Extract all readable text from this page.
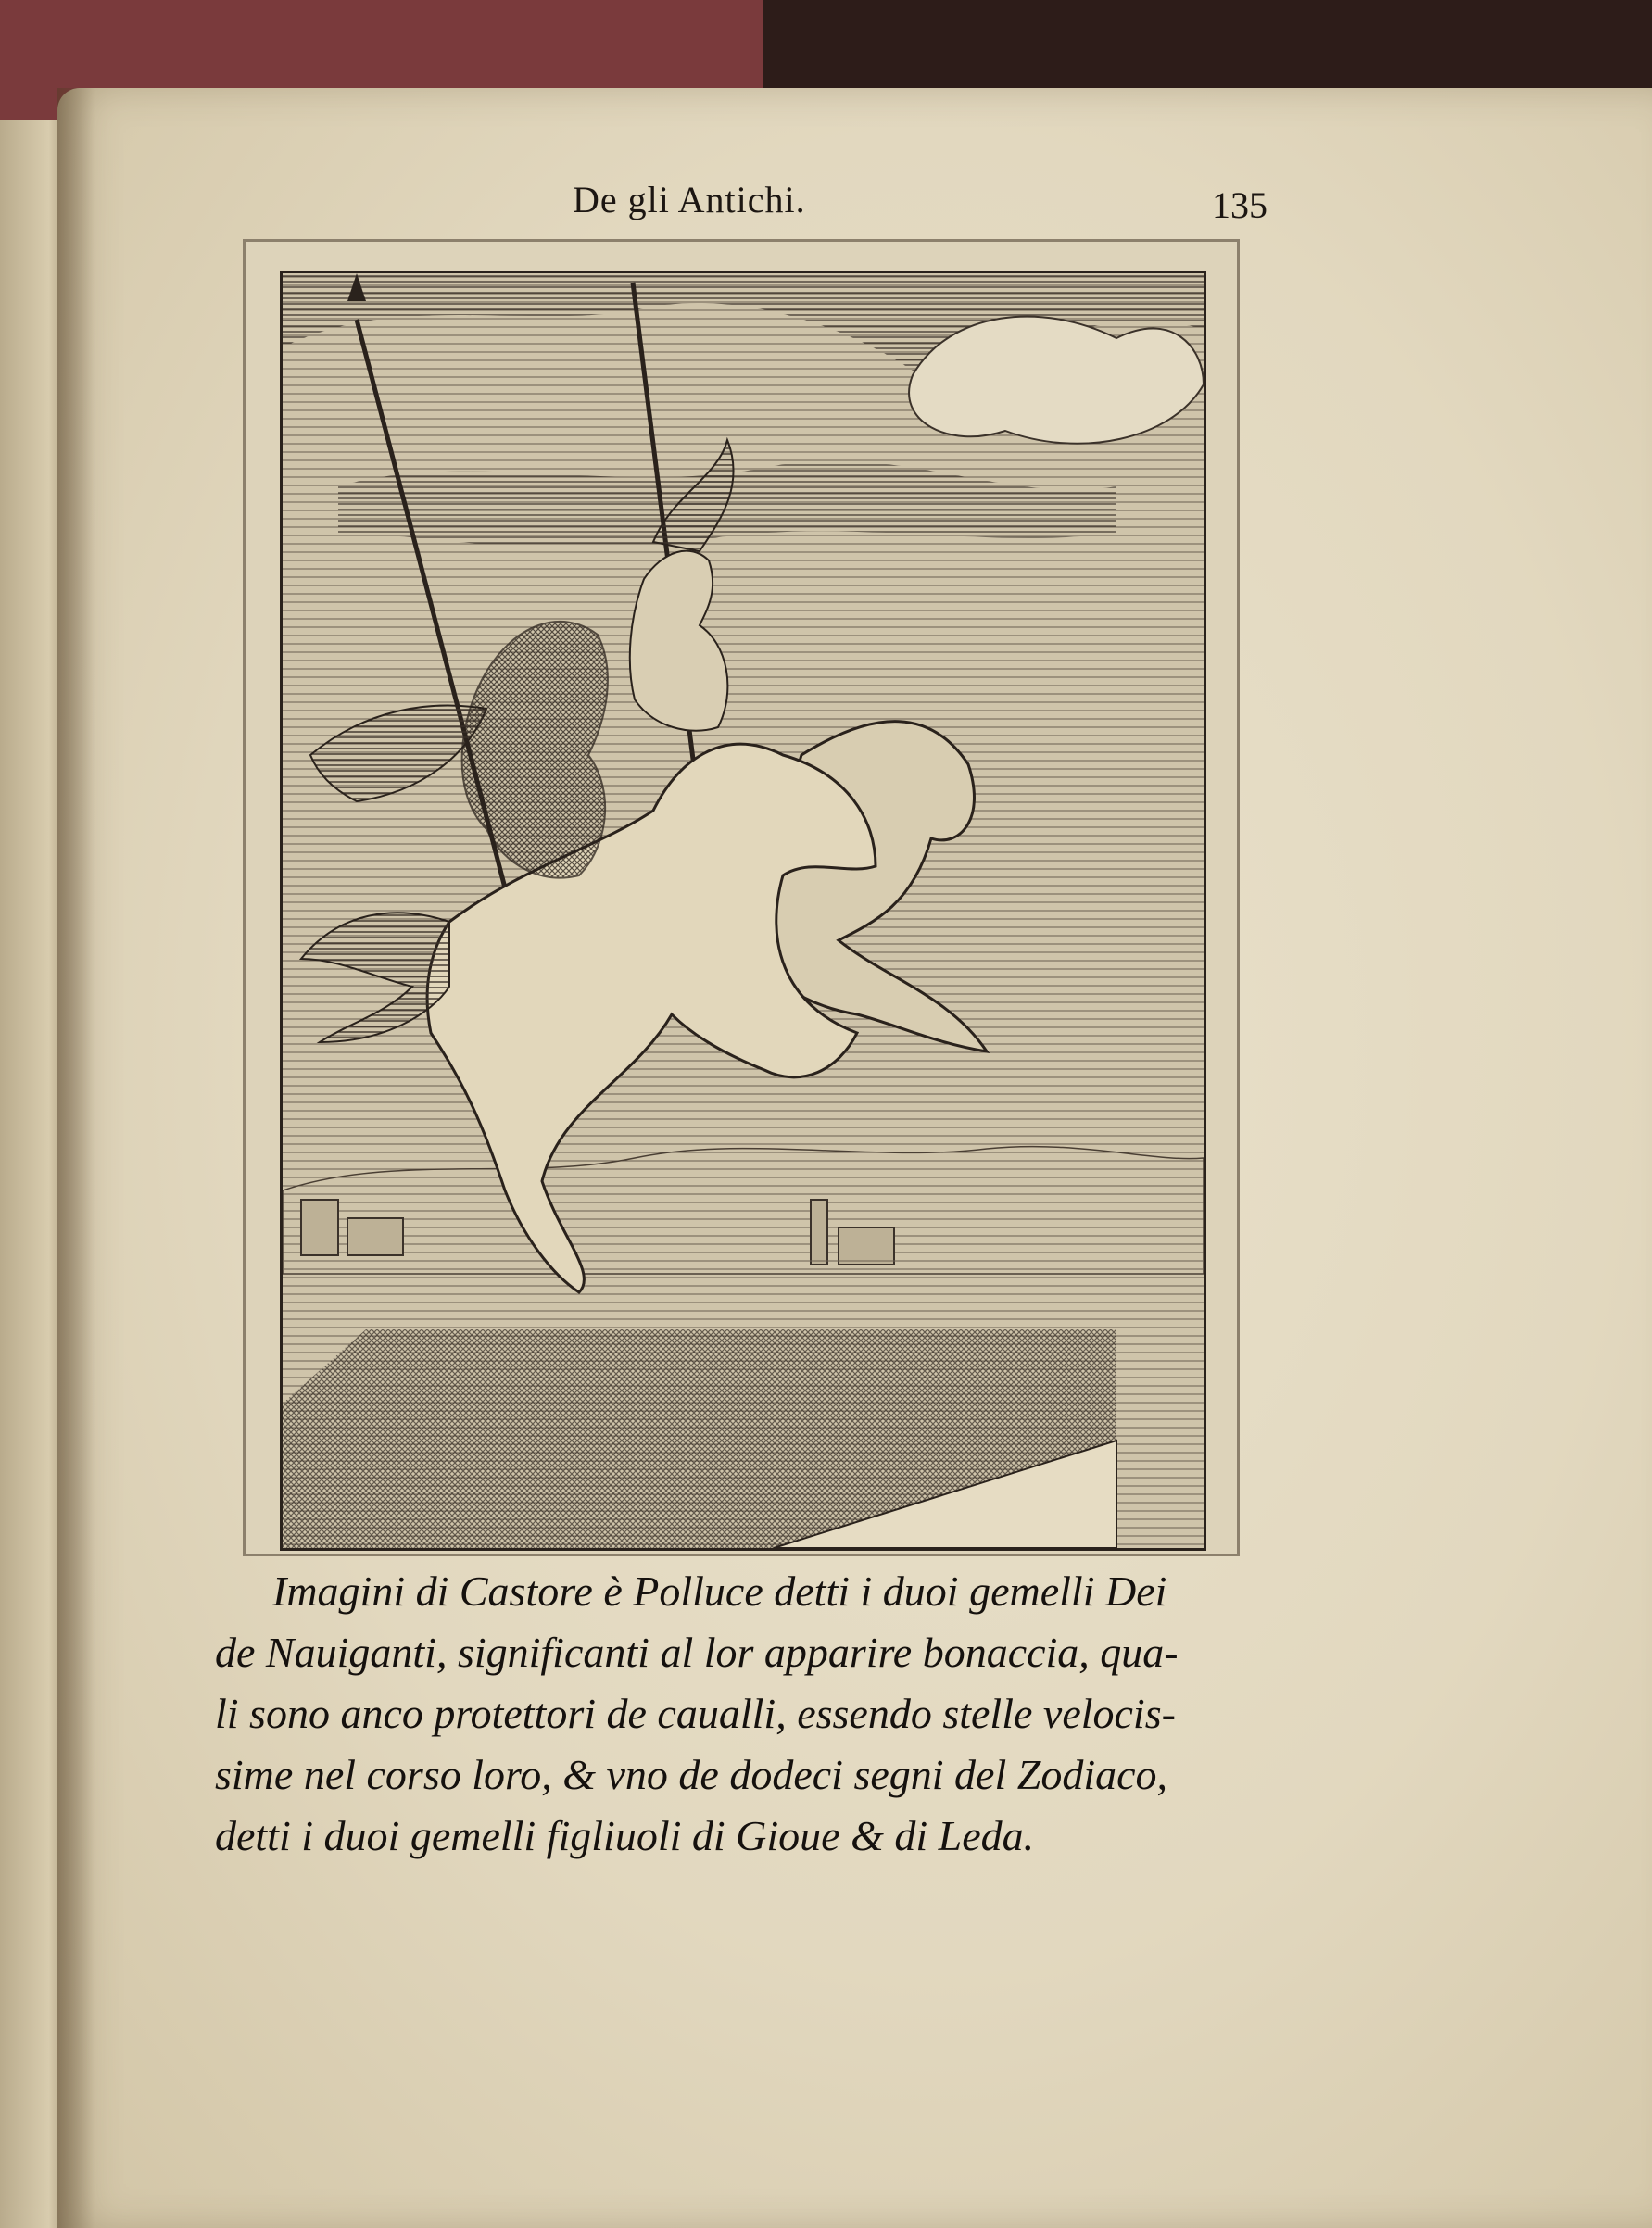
De gli Antichi.	135
Imagini di Castore è Polluce detti i duoi gemelli Dei
de Nauiganti, significanti al lor apparire bonaccia, qua-
li sono anco protettori de caualli, essendo stelle velocis-
sime nel corso loro, & vno de dodeci segni del Zodiaco,
detti i duoi gemelli figliuoli di Gioue & di Leda.
